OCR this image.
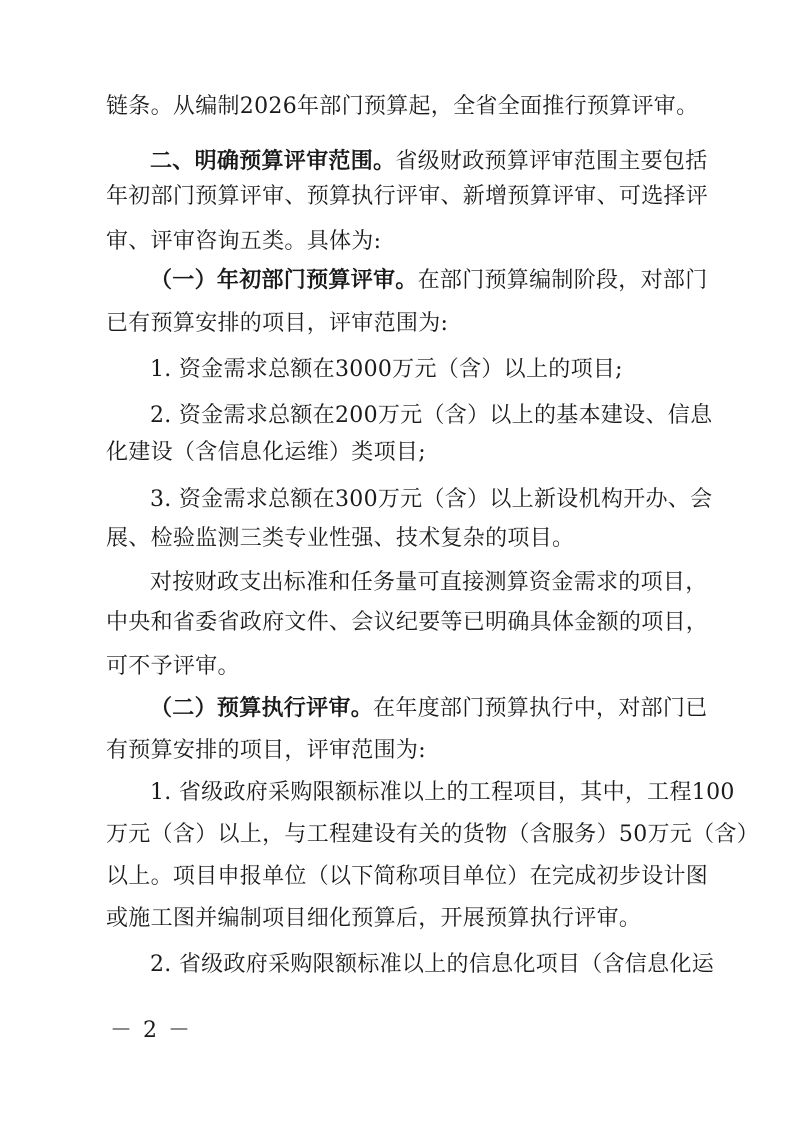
链条。从编制2026年部门预算起，全省全面推行预算评审。
二、明确预算评审范围。省级财政预算评审范围主要包括
年初部门预算评审、预算执行评审、新增预算评审、可选择评
审、评审咨询五类。具体为:
（一）年初部门预算评审。在部门预算编制阶段，对部门
已有预算安排的项目，评审范围为:
1. 资金需求总额在3000万元（含）以上的项目;
2. 资金需求总额在200万元（含）以上的基本建设、信息
化建设（含信息化运维）类项目;
3. 资金需求总额在300万元（含）以上新设机构开办、会
展、检验监测三类专业性强、技术复杂的项目。
对按财政支出标准和任务量可直接测算资金需求的项目，
中央和省委省政府文件、会议纪要等已明确具体金额的项目，
可不予评审。
（二）预算执行评审。在年度部门预算执行中，对部门已
有预算安排的项目，评审范围为:
1. 省级政府采购限额标准以上的工程项目，其中，工程100
万元（含）以上，与工程建设有关的货物（含服务）50万元（含）
以上。项目申报单位（以下简称项目单位）在完成初步设计图
或施工图并编制项目细化预算后，开展预算执行评审。
2. 省级政府采购限额标准以上的信息化项目（含信息化运
－ 2 －
